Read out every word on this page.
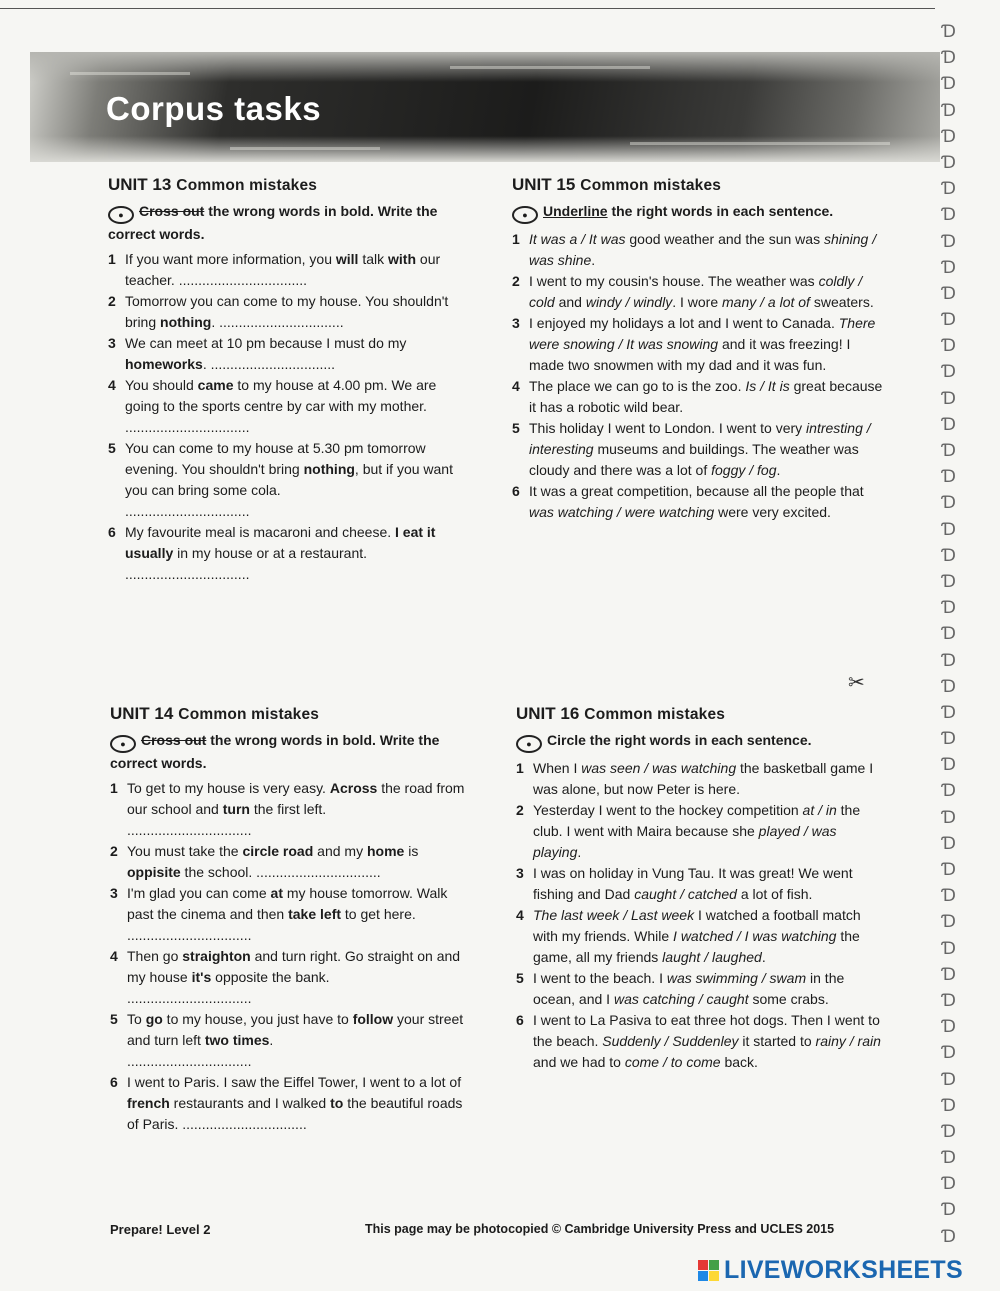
Corpus tasks
Ɗ
Ɗ
Ɗ
Ɗ
Ɗ
Ɗ
Ɗ
Ɗ
Ɗ
Ɗ
Ɗ
Ɗ
Ɗ
Ɗ
Ɗ
Ɗ
Ɗ
Ɗ
Ɗ
Ɗ
Ɗ
Ɗ
Ɗ
Ɗ
Ɗ
Ɗ
Ɗ
Ɗ
Ɗ
Ɗ
Ɗ
Ɗ
Ɗ
Ɗ
Ɗ
Ɗ
Ɗ
Ɗ
Ɗ
Ɗ
Ɗ
Ɗ
Ɗ
Ɗ
Ɗ
Ɗ
Ɗ
UNIT 13 Common mistakes
● Cross out the wrong words in bold. Write the correct words.
1 If you want more information, you will talk with our teacher. .................................
2 Tomorrow you can come to my house. You shouldn't bring nothing. ................................
3 We can meet at 10 pm because I must do my homeworks. ................................
4 You should came to my house at 4.00 pm. We are going to the sports centre by car with my mother. ................................
5 You can come to my house at 5.30 pm tomorrow evening. You shouldn't bring nothing, but if you want you can bring some cola.
................................
6 My favourite meal is macaroni and cheese. I eat it usually in my house or at a restaurant.
................................
UNIT 15 Common mistakes
● Underline the right words in each sentence.
1 It was a / It was good weather and the sun was shining / was shine.
2 I went to my cousin's house. The weather was coldly / cold and windy / windly. I wore many / a lot of sweaters.
3 I enjoyed my holidays a lot and I went to Canada. There were snowing / It was snowing and it was freezing! I made two snowmen with my dad and it was fun.
4 The place we can go to is the zoo. Is / It is great because it has a robotic wild bear.
5 This holiday I went to London. I went to very intresting / interesting museums and buildings. The weather was cloudy and there was a lot of foggy / fog.
6 It was a great competition, because all the people that was watching / were watching were very excited.
UNIT 14 Common mistakes
● Cross out the wrong words in bold. Write the correct words.
1 To get to my house is very easy. Across the road from our school and turn the first left.
................................
2 You must take the circle road and my home is oppisite the school. ................................
3 I'm glad you can come at my house tomorrow. Walk past the cinema and then take left to get here. ................................
4 Then go straighton and turn right. Go straight on and my house it's opposite the bank.
................................
5 To go to my house, you just have to follow your street and turn left two times.
................................
6 I went to Paris. I saw the Eiffel Tower, I went to a lot of french restaurants and I walked to the beautiful roads of Paris. ................................
UNIT 16 Common mistakes
● Circle the right words in each sentence.
1 When I was seen / was watching the basketball game I was alone, but now Peter is here.
2 Yesterday I went to the hockey competition at / in the club. I went with Maira because she played / was playing.
3 I was on holiday in Vung Tau. It was great! We went fishing and Dad caught / catched a lot of fish.
4 The last week / Last week I watched a football match with my friends. While I watched / I was watching the game, all my friends laught / laughed.
5 I went to the beach. I was swimming / swam in the ocean, and I was catching / caught some crabs.
6 I went to La Pasiva to eat three hot dogs. Then I went to the beach. Suddenly / Suddenley it started to rainy / rain and we had to come / to come back.
✂
Prepare! Level 2	This page may be photocopied © Cambridge University Press and UCLES 2015
LIVEWORKSHEETS
